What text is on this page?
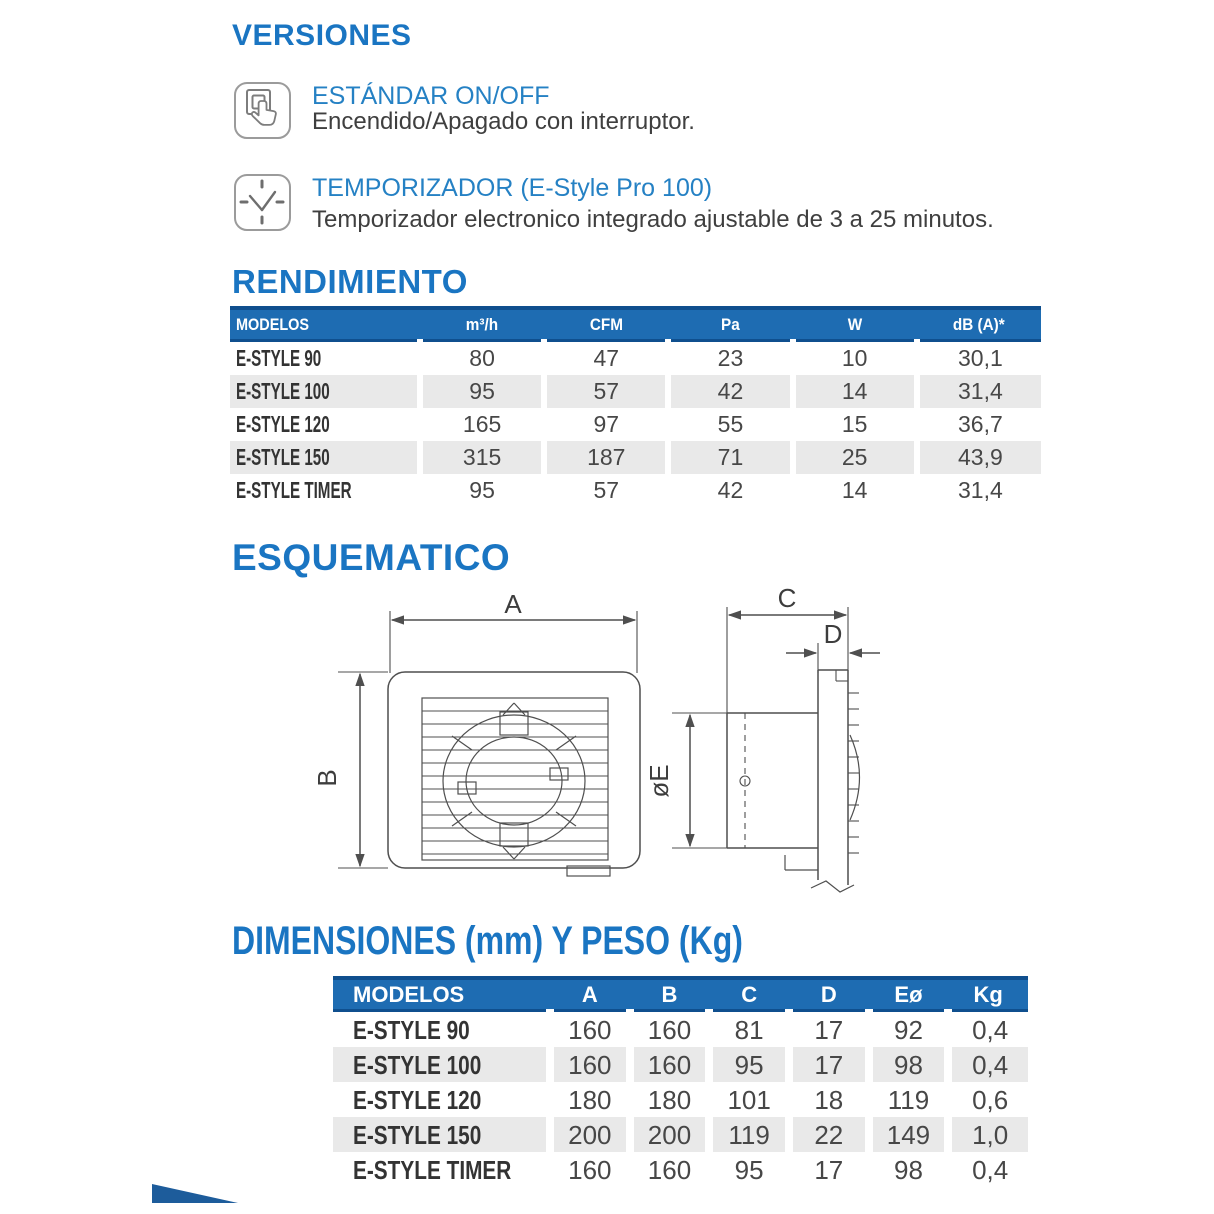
VERSIONES
ESTÁNDAR ON/OFF
Encendido/Apagado con interruptor.
TEMPORIZADOR (E-Style Pro 100)
Temporizador electronico integrado ajustable de 3 a 25 minutos.
RENDIMIENTO
MODELOS	m³/h	CFM	Pa	W	dB (A)*
E-STYLE 90	80	47	23	10	30,1
E-STYLE 100	95	57	42	14	31,4
E-STYLE 120	165	97	55	15	36,7
E-STYLE 150	315	187	71	25	43,9
E-STYLE TIMER	95	57	42	14	31,4
ESQUEMATICO
A
B
C
D
øE
DIMENSIONES (mm) Y PESO (Kg)
MODELOS	A	B	C	D	Eø	Kg
E-STYLE 90	160	160	81	17	92	0,4
E-STYLE 100	160	160	95	17	98	0,4
E-STYLE 120	180	180	101	18	119	0,6
E-STYLE 150	200	200	119	22	149	1,0
E-STYLE TIMER	160	160	95	17	98	0,4
